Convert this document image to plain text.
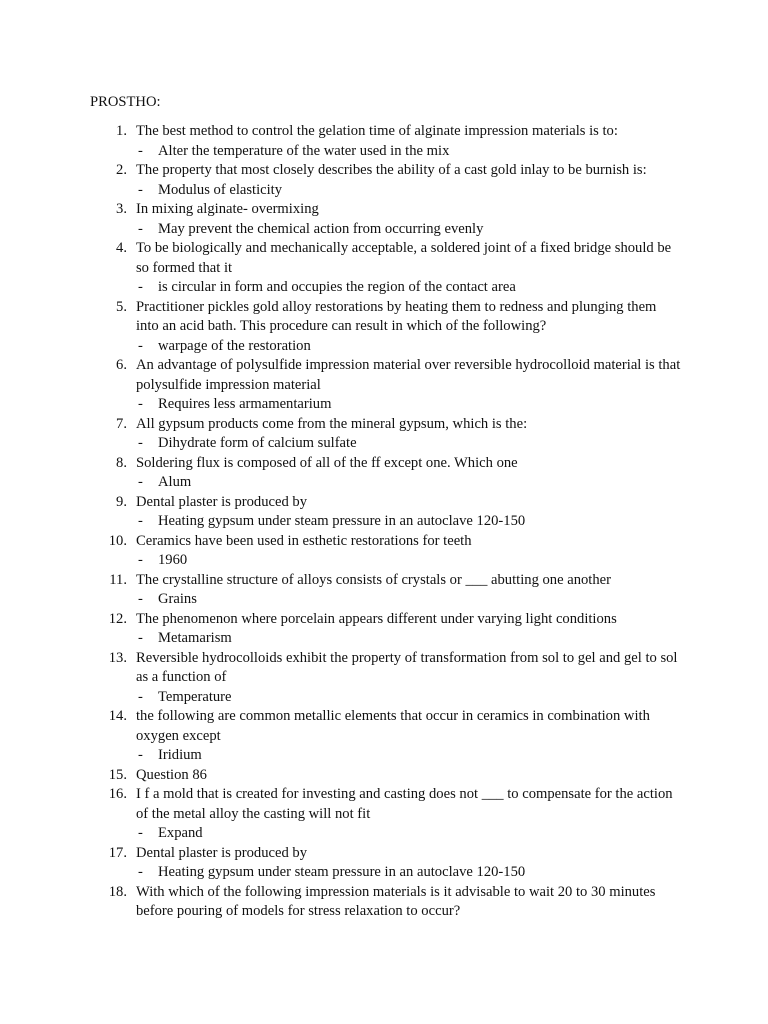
PROSTHO:
1. The best method to control the gelation time of alginate impression materials is to:
- Alter the temperature of the water used in the mix
2. The property that most closely describes the ability of a cast gold inlay to be burnish is:
- Modulus of elasticity
3. In mixing alginate- overmixing
- May prevent the chemical action from occurring evenly
4. To be biologically and mechanically acceptable, a soldered joint of a fixed bridge should be so formed that it
- is circular in form and occupies the region of the contact area
5. Practitioner pickles gold alloy restorations by heating them to redness and plunging them into an acid bath. This procedure can result in which of the following?
- warpage of the restoration
6. An advantage of polysulfide impression material over reversible hydrocolloid material is that polysulfide impression material
- Requires less armamentarium
7. All gypsum products come from the mineral gypsum, which is the:
- Dihydrate form of calcium sulfate
8. Soldering flux is composed of all of the ff except one. Which one
- Alum
9. Dental plaster is produced by
- Heating gypsum under steam pressure in an autoclave 120-150
10. Ceramics have been used in esthetic restorations for teeth
- 1960
11. The crystalline structure of alloys consists of crystals or ___ abutting one another
- Grains
12. The phenomenon where porcelain appears different under varying light conditions
- Metamarism
13. Reversible hydrocolloids exhibit the property of transformation from sol to gel and gel to sol as a function of
- Temperature
14. the following are common metallic elements that occur in ceramics in combination with oxygen except
- Iridium
15. Question 86
16. I f a mold that is created for investing and casting does not ___ to compensate for the action of the metal alloy the casting will not fit
- Expand
17. Dental plaster is produced by
- Heating gypsum under steam pressure in an autoclave 120-150
18. With which of the following impression materials is it advisable to wait 20 to 30 minutes before pouring of models for stress relaxation to occur?
